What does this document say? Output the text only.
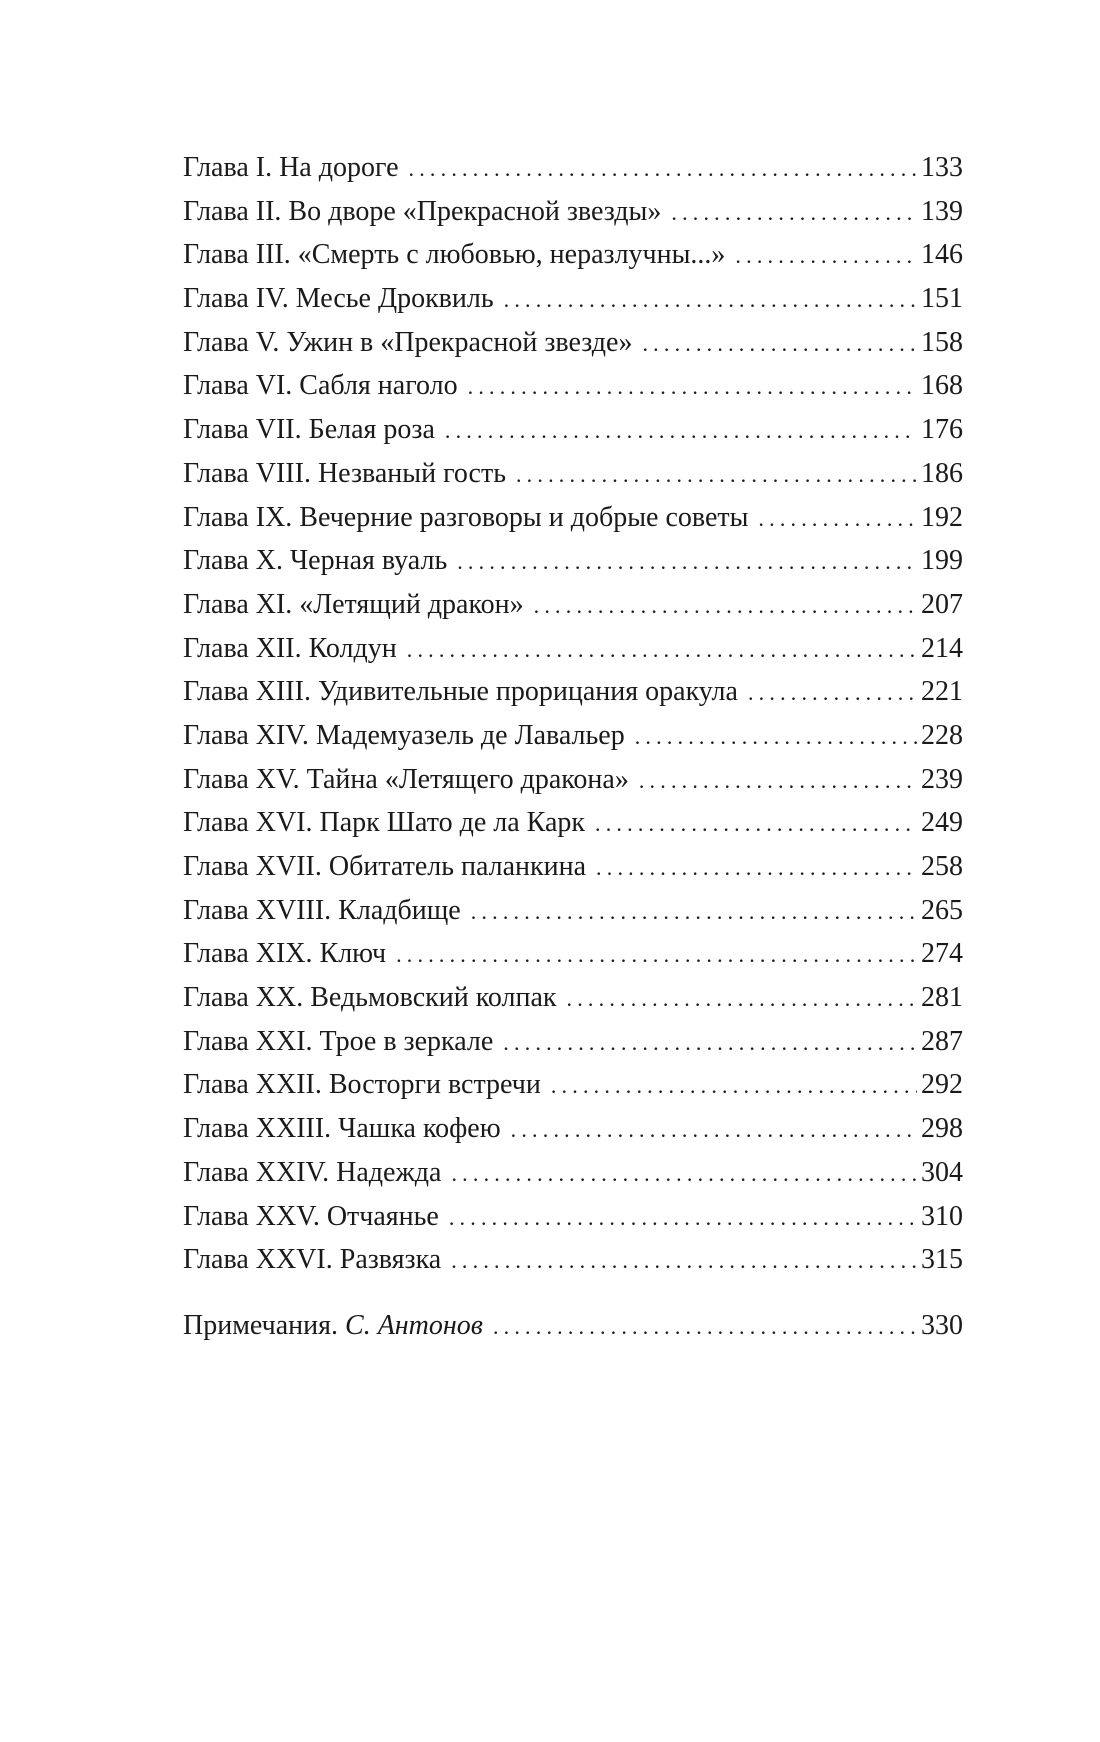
Глава I. На дороге .....	133
Глава II. Во дворе «Прекрасной звезды» .....	139
Глава III. «Смерть с любовью, неразлучны...» .....	146
Глава IV. Месье Дроквиль .....	151
Глава V. Ужин в «Прекрасной звезде» .....	158
Глава VI. Сабля наголо .....	168
Глава VII. Белая роза .....	176
Глава VIII. Незваный гость .....	186
Глава IX. Вечерние разговоры и добрые советы .....	192
Глава X. Черная вуаль .....	199
Глава XI. «Летящий дракон» .....	207
Глава XII. Колдун .....	214
Глава XIII. Удивительные прорицания оракула .....	221
Глава XIV. Мадемуазель де Лавальер .....	228
Глава XV. Тайна «Летящего дракона» .....	239
Глава XVI. Парк Шато де ла Карк .....	249
Глава XVII. Обитатель паланкина .....	258
Глава XVIII. Кладбище .....	265
Глава XIX. Ключ .....	274
Глава XX. Ведьмовский колпак .....	281
Глава XXI. Трое в зеркале .....	287
Глава XXII. Восторги встречи .....	292
Глава XXIII. Чашка кофею .....	298
Глава XXIV. Надежда .....	304
Глава XXV. Отчаянье .....	310
Глава XXVI. Развязка .....	315
Примечания. С. Антонов .....	330
